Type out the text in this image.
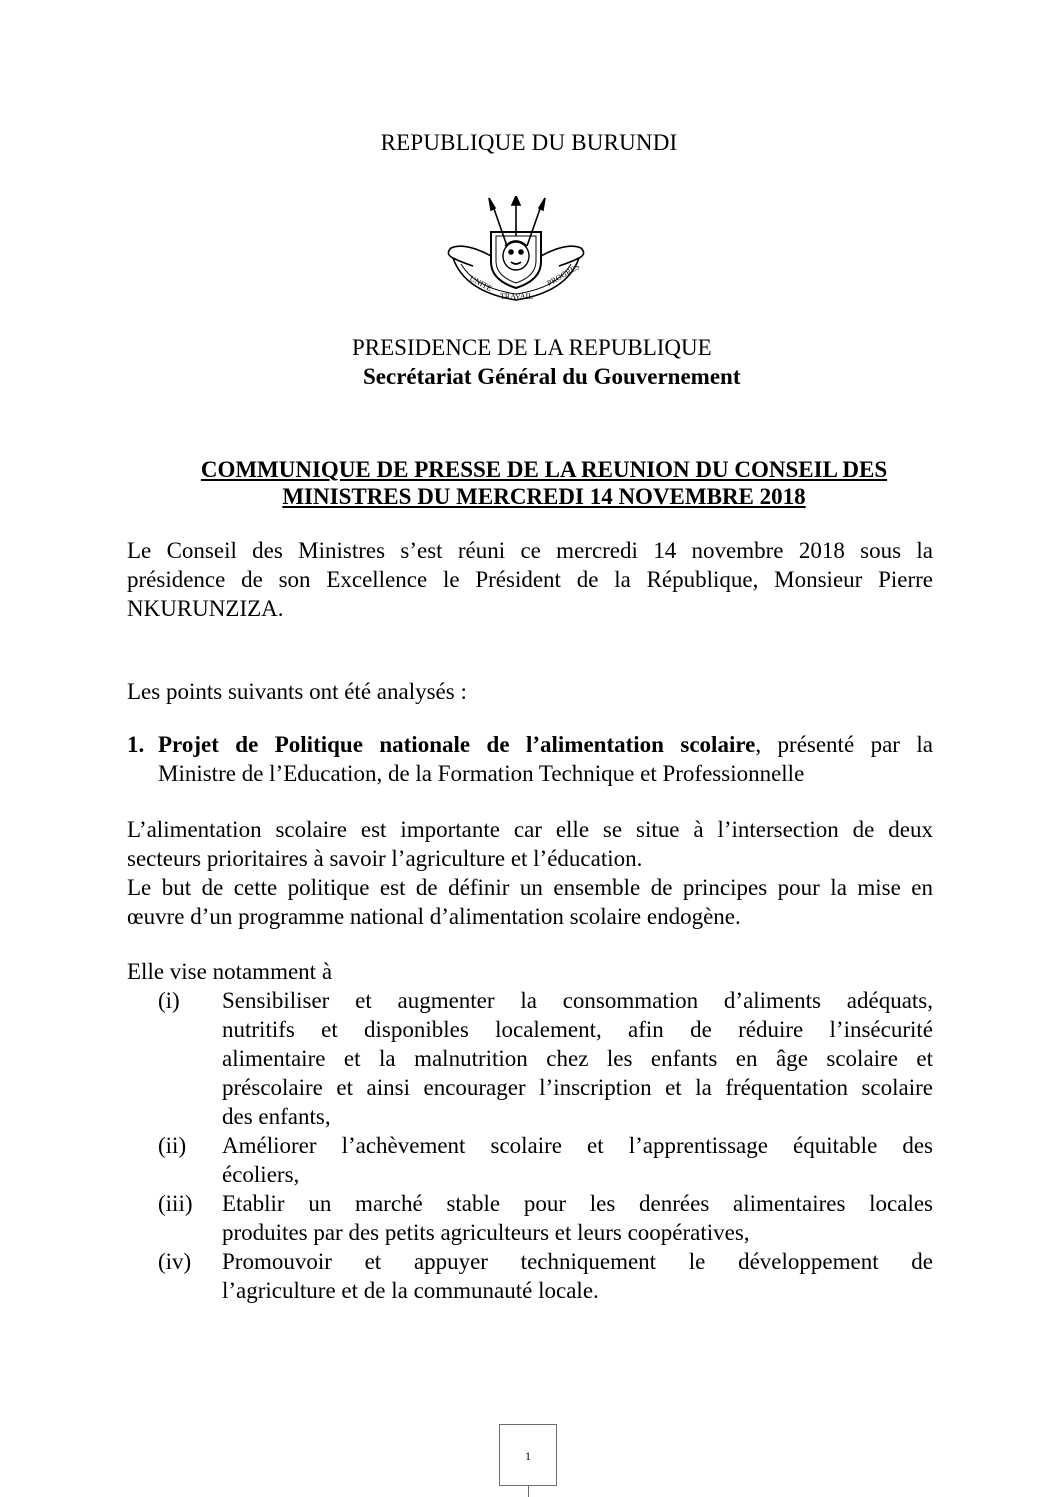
REPUBLIQUE DU BURUNDI
UNITE
TRAVAIL
PROGRES
PRESIDENCE DE LA REPUBLIQUE
Secrétariat Général du Gouvernement
COMMUNIQUE DE PRESSE DE LA REUNION DU CONSEIL DES
MINISTRES DU MERCREDI 14 NOVEMBRE 2018
Le Conseil des Ministres s’est réuni ce mercredi 14 novembre 2018 sous la
présidence de son Excellence le Président de la République, Monsieur Pierre
NKURUNZIZA.
Les points suivants ont été analysés :
1. Projet de Politique nationale de l’alimentation scolaire, présenté par la
Ministre de l’Education, de la Formation Technique et Professionnelle
L’alimentation scolaire est importante car elle se situe à l’intersection de deux
secteurs prioritaires à savoir l’agriculture et l’éducation.
Le but de cette politique est de définir un ensemble de principes pour la mise en
œuvre d’un programme national d’alimentation scolaire endogène.
Elle vise notamment à
(i) Sensibiliser et augmenter la consommation d’aliments adéquats,
nutritifs et disponibles localement, afin de réduire l’insécurité
alimentaire et la malnutrition chez les enfants en âge scolaire et
préscolaire et ainsi encourager l’inscription et la fréquentation scolaire
des enfants,
(ii) Améliorer l’achèvement scolaire et l’apprentissage équitable des
écoliers,
(iii) Etablir un marché stable pour les denrées alimentaires locales
produites par des petits agriculteurs et leurs coopératives,
(iv) Promouvoir et appuyer techniquement le développement de
l’agriculture et de la communauté locale.
1
